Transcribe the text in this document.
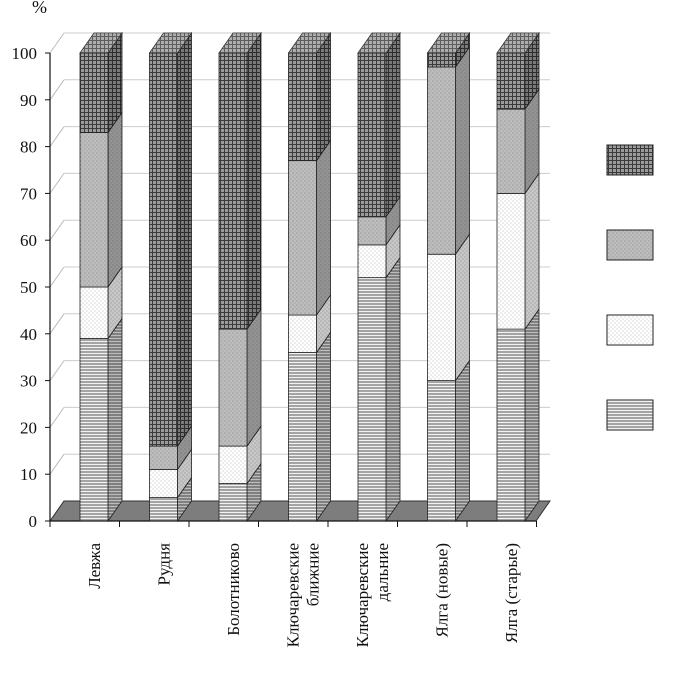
0
10
20
30
40
50
60
70
80
90
100
%
Левжа	Рудня	Болотниково Ключаревскиеближние Ключаревскиедальние Ялга (новые)	Ялга (старые)
